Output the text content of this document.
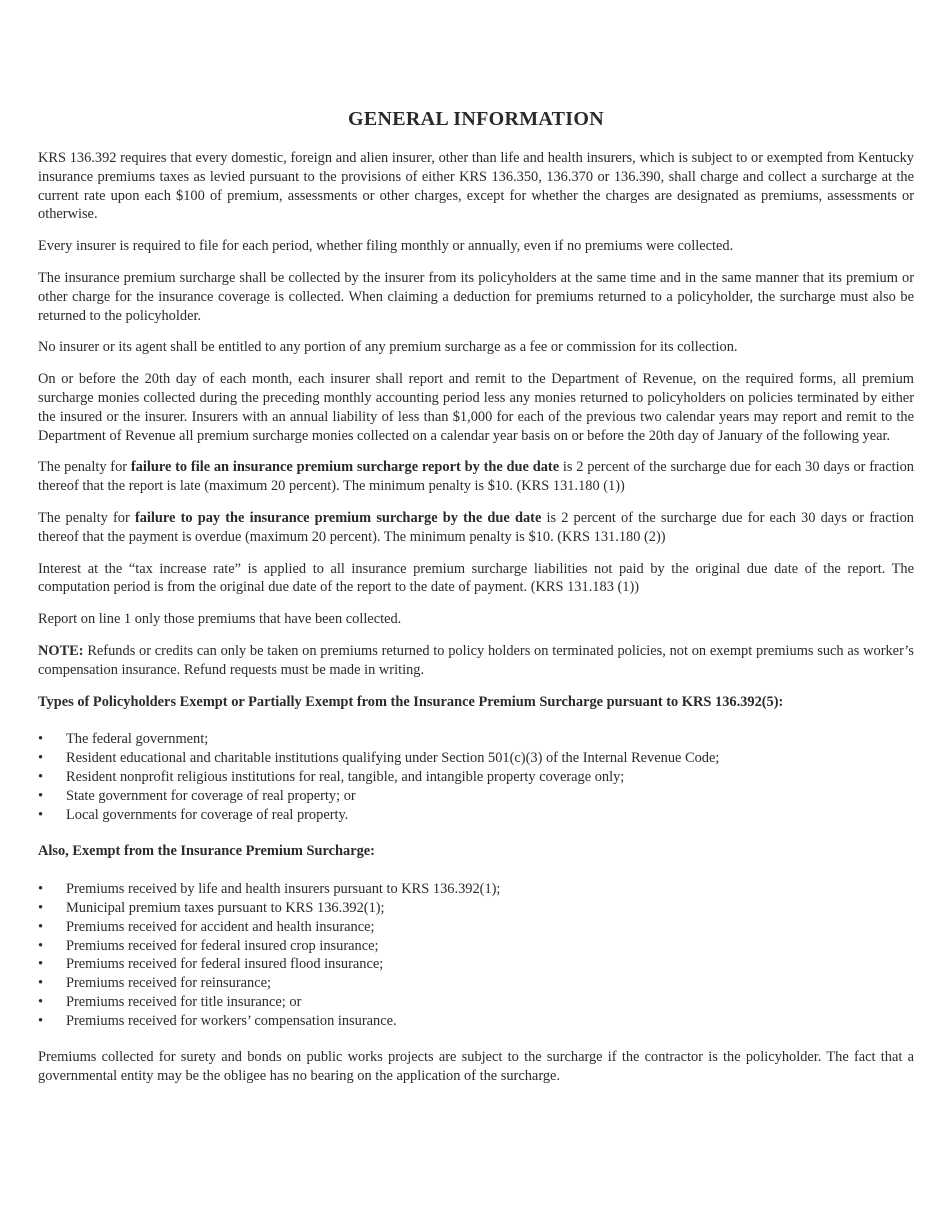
GENERAL INFORMATION

KRS 136.392 requires that every domestic, foreign and alien insurer, other than life and health insurers, which is subject to or exempted from Kentucky insurance premiums taxes as levied pursuant to the provisions of either KRS 136.350, 136.370 or 136.390, shall charge and collect a surcharge at the current rate upon each $100 of premium, assessments or other charges, except for whether the charges are designated as premiums, assessments or otherwise.

Every insurer is required to file for each period, whether filing monthly or annually, even if no premiums were collected.

The insurance premium surcharge shall be collected by the insurer from its policyholders at the same time and in the same manner that its premium or other charge for the insurance coverage is collected. When claiming a deduction for premiums returned to a policyholder, the surcharge must also be returned to the policyholder.

No insurer or its agent shall be entitled to any portion of any premium surcharge as a fee or commission for its collection.

On or before the 20th day of each month, each insurer shall report and remit to the Department of Revenue, on the required forms, all premium surcharge monies collected during the preceding monthly accounting period less any monies returned to policyholders on policies terminated by either the insured or the insurer. Insurers with an annual liability of less than $1,000 for each of the previous two calendar years may report and remit to the Department of Revenue all premium surcharge monies collected on a calendar year basis on or before the 20th day of January of the following year.

The penalty for failure to file an insurance premium surcharge report by the due date is 2 percent of the surcharge due for each 30 days or fraction thereof that the report is late (maximum 20 percent). The minimum penalty is $10. (KRS 131.180 (1))

The penalty for failure to pay the insurance premium surcharge by the due date is 2 percent of the surcharge due for each 30 days or fraction thereof that the payment is overdue (maximum 20 percent). The minimum penalty is $10. (KRS 131.180 (2))

Interest at the “tax increase rate” is applied to all insurance premium surcharge liabilities not paid by the original due date of the report. The computation period is from the original due date of the report to the date of payment. (KRS 131.183 (1))

Report on line 1 only those premiums that have been collected.

NOTE: Refunds or credits can only be taken on premiums returned to policy holders on terminated policies, not on exempt premiums such as worker’s compensation insurance. Refund requests must be made in writing.

Types of Policyholders Exempt or Partially Exempt from the Insurance Premium Surcharge pursuant to KRS 136.392(5):

•	The federal government;
•	Resident educational and charitable institutions qualifying under Section 501(c)(3) of the Internal Revenue Code;
•	Resident nonprofit religious institutions for real, tangible, and intangible property coverage only;
•	State government for coverage of real property; or
•	Local governments for coverage of real property.

Also, Exempt from the Insurance Premium Surcharge:

•	Premiums received by life and health insurers pursuant to KRS 136.392(1);
•	Municipal premium taxes pursuant to KRS 136.392(1);
•	Premiums received for accident and health insurance;
•	Premiums received for federal insured crop insurance;
•	Premiums received for federal insured flood insurance;
•	Premiums received for reinsurance;
•	Premiums received for title insurance; or
•	Premiums received for workers’ compensation insurance.

Premiums collected for surety and bonds on public works projects are subject to the surcharge if the contractor is the policyholder. The fact that a governmental entity may be the obligee has no bearing on the application of the surcharge.
